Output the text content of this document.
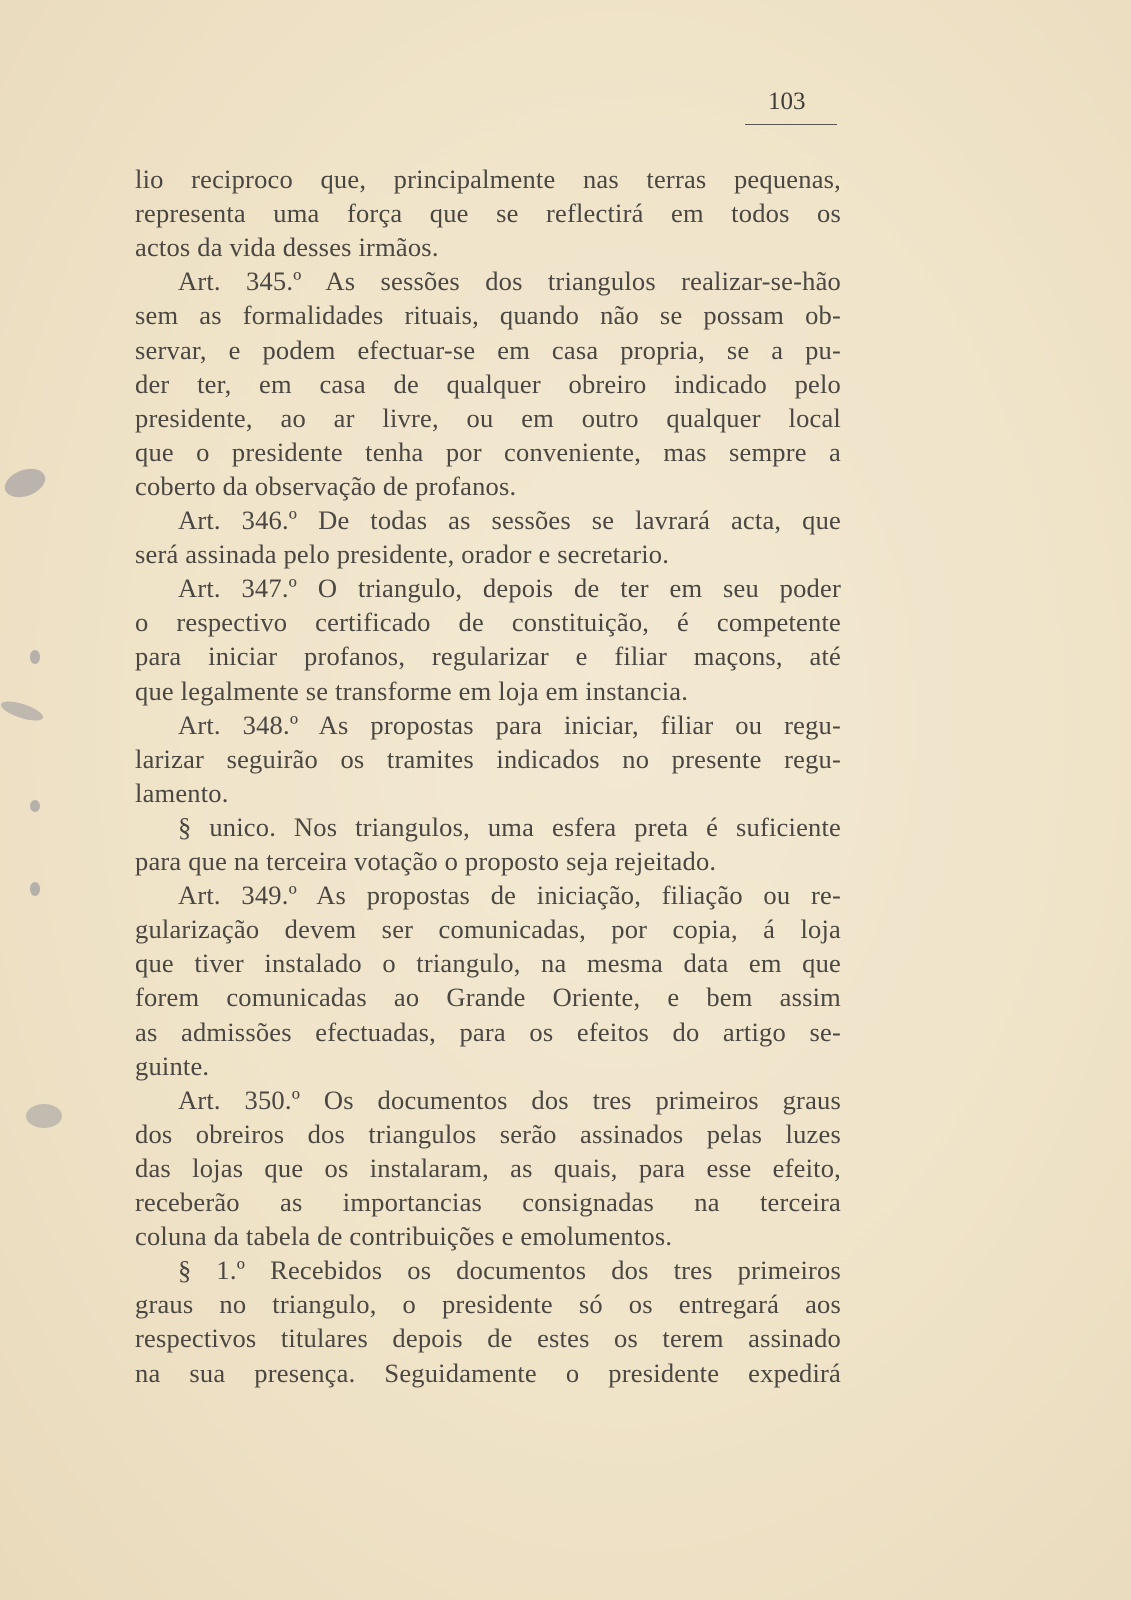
103
lio reciproco que, principalmente nas terras pequenas,
representa uma força que se reflectirá em todos os
actos da vida desses irmãos.
Art. 345.º As sessões dos triangulos realizar-se-hão
sem as formalidades rituais, quando não se possam ob-
servar, e podem efectuar-se em casa propria, se a pu-
der ter, em casa de qualquer obreiro indicado pelo
presidente, ao ar livre, ou em outro qualquer local
que o presidente tenha por conveniente, mas sempre a
coberto da observação de profanos.
Art. 346.º De todas as sessões se lavrará acta, que
será assinada pelo presidente, orador e secretario.
Art. 347.º O triangulo, depois de ter em seu poder
o respectivo certificado de constituição, é competente
para iniciar profanos, regularizar e filiar maçons, até
que legalmente se transforme em loja em instancia.
Art. 348.º As propostas para iniciar, filiar ou regu-
larizar seguirão os tramites indicados no presente regu-
lamento.
§ unico. Nos triangulos, uma esfera preta é suficiente
para que na terceira votação o proposto seja rejeitado.
Art. 349.º As propostas de iniciação, filiação ou re-
gularização devem ser comunicadas, por copia, á loja
que tiver instalado o triangulo, na mesma data em que
forem comunicadas ao Grande Oriente, e bem assim
as admissões efectuadas, para os efeitos do artigo se-
guinte.
Art. 350.º Os documentos dos tres primeiros graus
dos obreiros dos triangulos serão assinados pelas luzes
das lojas que os instalaram, as quais, para esse efeito,
receberão as importancias consignadas na terceira
coluna da tabela de contribuições e emolumentos.
§ 1.º Recebidos os documentos dos tres primeiros
graus no triangulo, o presidente só os entregará aos
respectivos titulares depois de estes os terem assinado
na sua presença. Seguidamente o presidente expedirá
